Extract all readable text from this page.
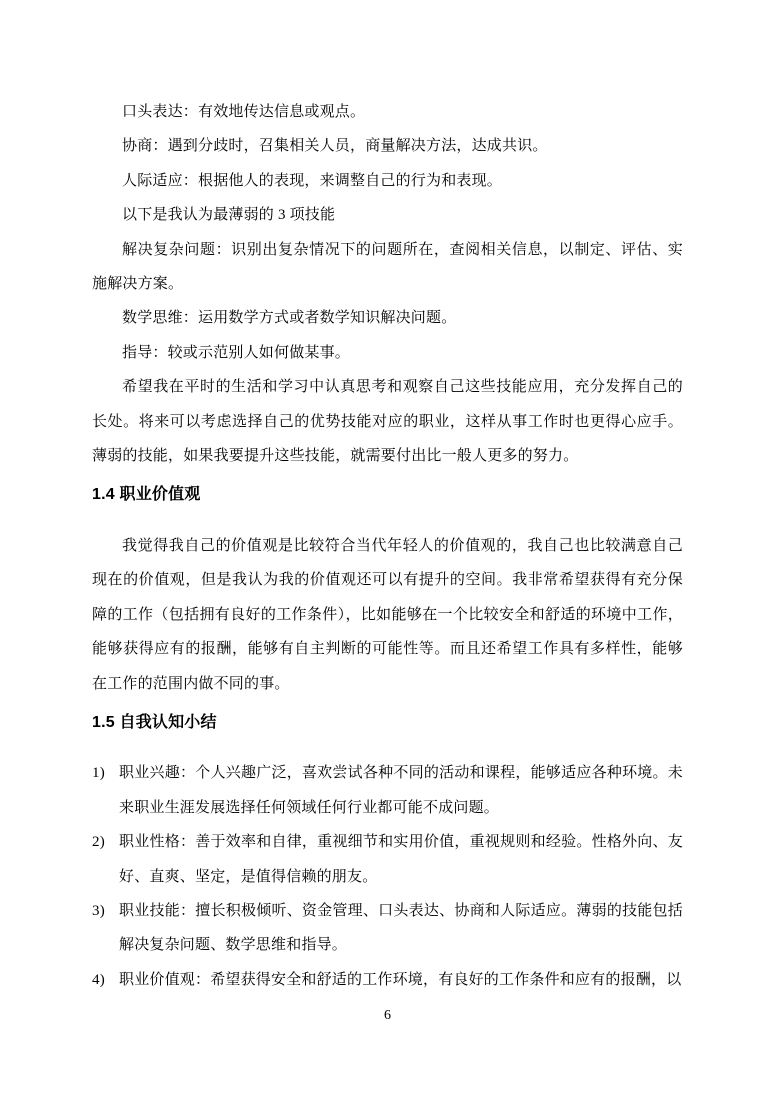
口头表达：有效地传达信息或观点。

协商：遇到分歧时，召集相关人员，商量解决方法，达成共识。

人际适应：根据他人的表现，来调整自己的行为和表现。

以下是我认为最薄弱的 3 项技能

解决复杂问题：识别出复杂情况下的问题所在，查阅相关信息，以制定、评估、实施解决方案。

数学思维：运用数学方式或者数学知识解决问题。

指导：较或示范别人如何做某事。

希望我在平时的生活和学习中认真思考和观察自己这些技能应用，充分发挥自己的长处。将来可以考虑选择自己的优势技能对应的职业，这样从事工作时也更得心应手。薄弱的技能，如果我要提升这些技能，就需要付出比一般人更多的努力。

1.4 职业价值观

我觉得我自己的价值观是比较符合当代年轻人的价值观的，我自己也比较满意自己现在的价值观，但是我认为我的价值观还可以有提升的空间。我非常希望获得有充分保障的工作（包括拥有良好的工作条件），比如能够在一个比较安全和舒适的环境中工作，能够获得应有的报酬，能够有自主判断的可能性等。而且还希望工作具有多样性，能够在工作的范围内做不同的事。

1.5 自我认知小结
1) 职业兴趣：个人兴趣广泛，喜欢尝试各种不同的活动和课程，能够适应各种环境。未来职业生涯发展选择任何领域任何行业都可能不成问题。
2) 职业性格：善于效率和自律，重视细节和实用价值，重视规则和经验。性格外向、友好、直爽、坚定，是值得信赖的朋友。
3) 职业技能：擅长积极倾听、资金管理、口头表达、协商和人际适应。薄弱的技能包括解决复杂问题、数学思维和指导。
4) 职业价值观：希望获得安全和舒适的工作环境，有良好的工作条件和应有的报酬，以
6
